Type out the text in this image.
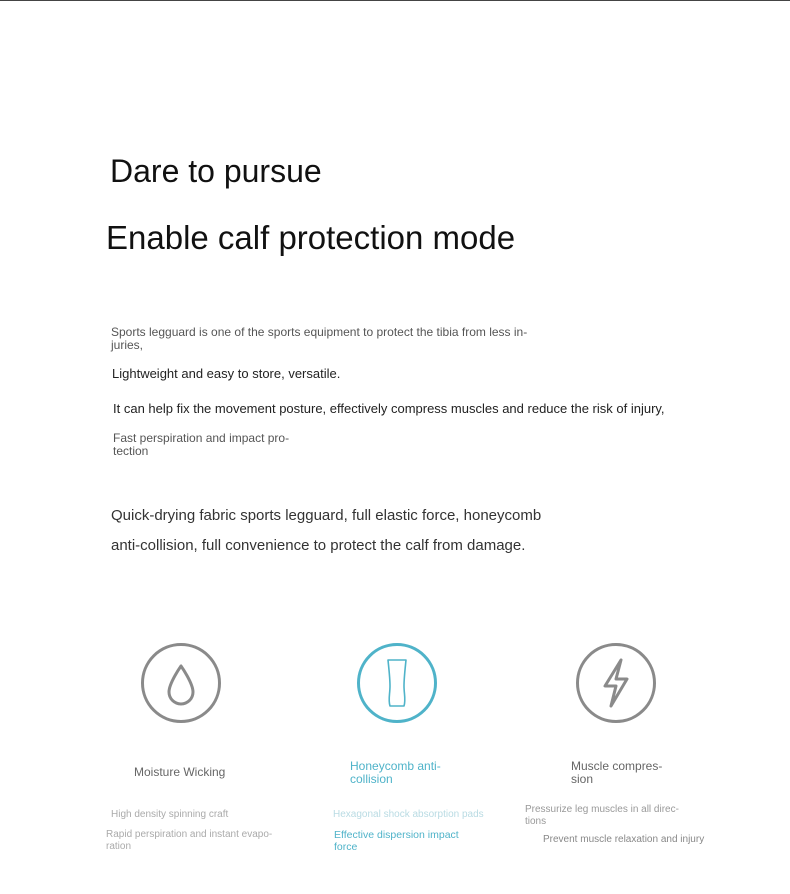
Dare to pursue
Enable calf protection mode

Sports legguard is one of the sports equipment to protect the tibia from less in-juries,

Lightweight and easy to store, versatile.

It can help fix the movement posture, effectively compress muscles and reduce the risk of injury,

Fast perspiration and impact pro-tection

Quick-drying fabric sports legguard, full elastic force, honeycomb

anti-collision, full convenience to protect the calf from damage.

Moisture Wicking
High density spinning craft
Rapid perspiration and instant evapo-ration
Honeycomb anti-collision
Hexagonal shock absorption pads
Effective dispersion impact force
Muscle compres-sion
Pressurize leg muscles in all direc-tions
Prevent muscle relaxation and injury
